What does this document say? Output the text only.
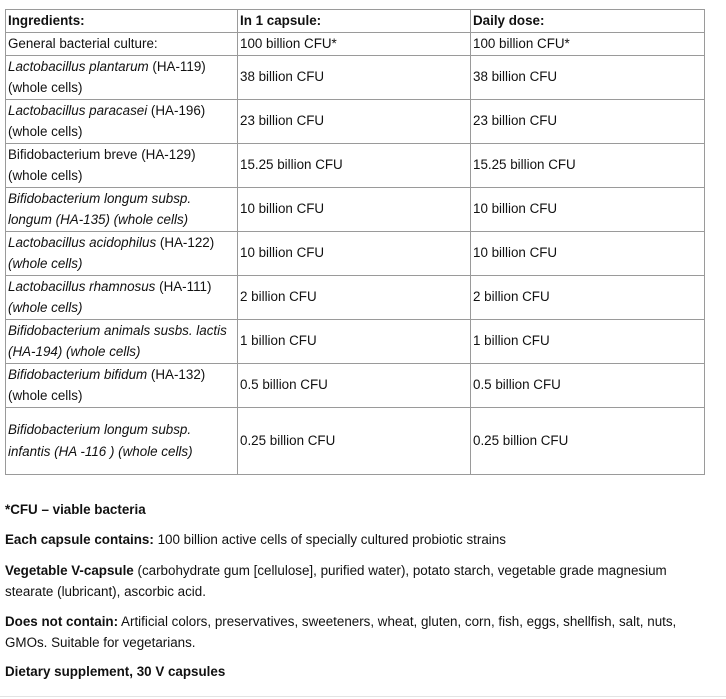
Ingredients:	In 1 capsule:	Daily dose:
General bacterial culture:	100 billion CFU*	100 billion CFU*
Lactobacillus plantarum (HA-119)
(whole cells)	38 billion CFU	38 billion CFU
Lactobacillus paracasei (HA-196)
(whole cells)	23 billion CFU	23 billion CFU
Bifidobacterium breve (HA-129)
(whole cells)	15.25 billion CFU	15.25 billion CFU
Bifidobacterium longum subsp.
longum (HA-135) (whole cells)	10 billion CFU	10 billion CFU
Lactobacillus acidophilus (HA-122)
(whole cells)	10 billion CFU	10 billion CFU
Lactobacillus rhamnosus (HA-111)
(whole cells)	2 billion CFU	2 billion CFU
Bifidobacterium animals susbs. lactis
(HA-194) (whole cells)	1 billion CFU	1 billion CFU
Bifidobacterium bifidum (HA-132)
(whole cells)	0.5 billion CFU	0.5 billion CFU
Bifidobacterium longum subsp.
infantis (HA -116 ) (whole cells)	0.25 billion CFU	0.25 billion CFU
*CFU – viable bacteria
Each capsule contains: 100 billion active cells of specially cultured probiotic strains
Vegetable V-capsule (carbohydrate gum [cellulose], purified water), potato starch, vegetable grade magnesium stearate (lubricant), ascorbic acid.
Does not contain: Artificial colors, preservatives, sweeteners, wheat, gluten, corn, fish, eggs, shellfish, salt, nuts, GMOs. Suitable for vegetarians.
Dietary supplement, 30 V capsules
